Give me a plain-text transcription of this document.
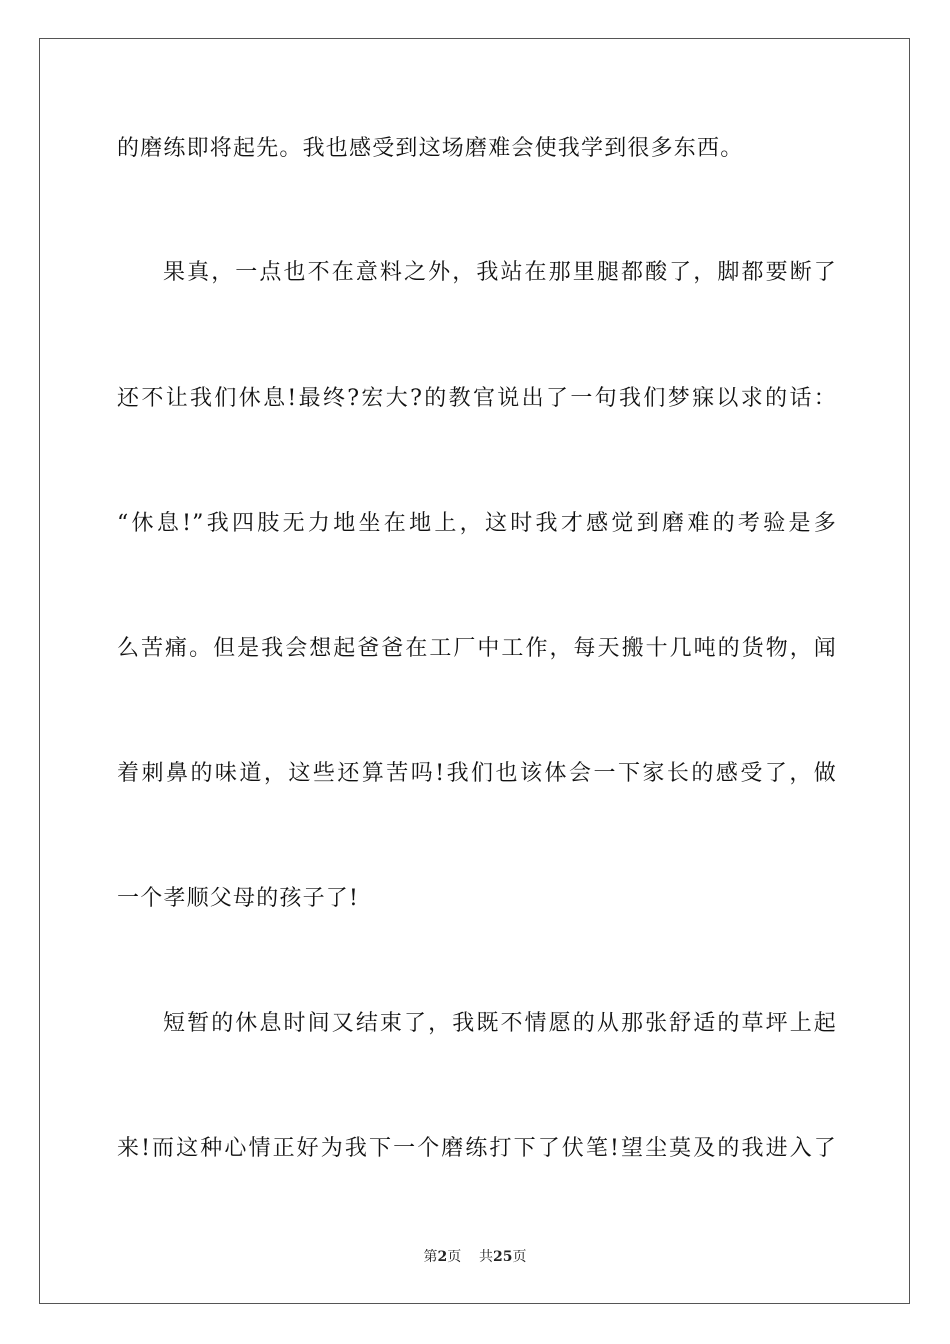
的磨练即将起先。我也感受到这场磨难会使我学到很多东西。
果真，一点也不在意料之外，我站在那里腿都酸了，脚都要断了
还不让我们休息!最终?宏大?的教官说出了一句我们梦寐以求的话：
“休息!”我四肢无力地坐在地上，这时我才感觉到磨难的考验是多
么苦痛。但是我会想起爸爸在工厂中工作，每天搬十几吨的货物，闻
着刺鼻的味道，这些还算苦吗!我们也该体会一下家长的感受了，做
一个孝顺父母的孩子了!
短暂的休息时间又结束了，我既不情愿的从那张舒适的草坪上起
来!而这种心情正好为我下一个磨练打下了伏笔!望尘莫及的我进入了
第2页 共25页
